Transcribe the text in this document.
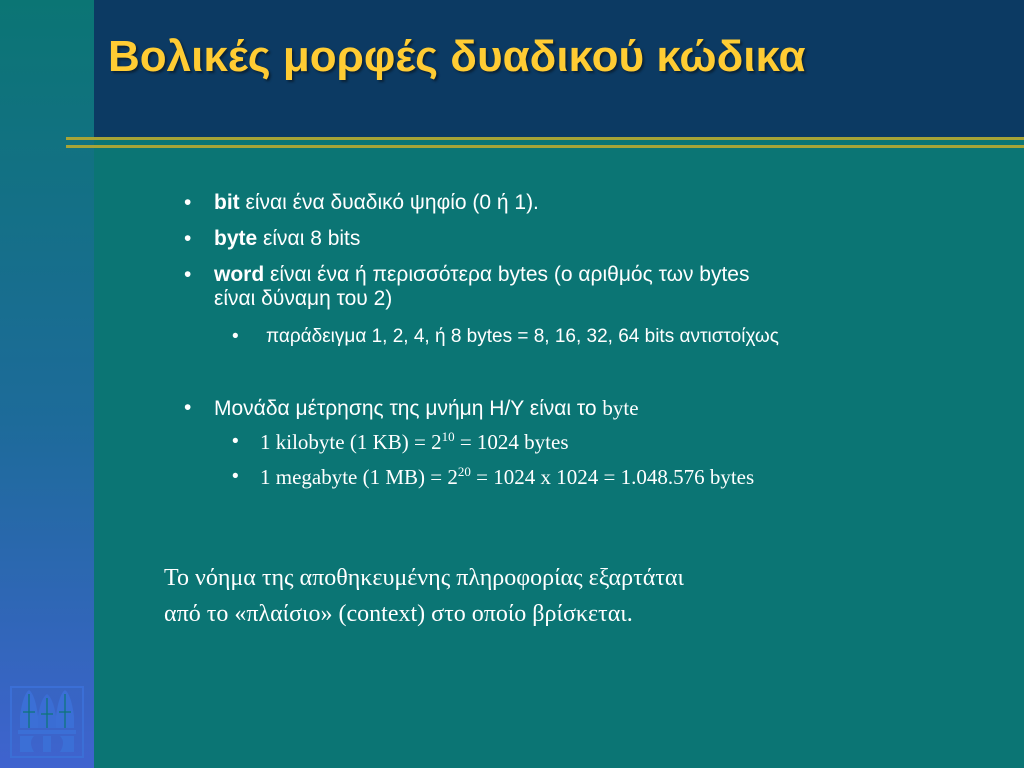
Βολικές μορφές δυαδικού κώδικα
• bit είναι ένα δυαδικό ψηφίο (0 ή 1).
• byte είναι 8 bits
• word είναι ένα ή περισσότερα bytes (ο αριθμός των bytes
είναι δύναμη του 2)
• παράδειγμα 1, 2, 4, ή 8 bytes = 8, 16, 32, 64 bits αντιστοίχως
• Μονάδα μέτρησης της μνήμη Η/Υ είναι το byte
• 1 kilobyte (1 $KB) = 2^{10} = 1024$ bytes
• 1 megabyte (1 $MB) = 2^{20} = 1024$ x 1024 = 1.048.576 bytes
Το νόημα της αποθηκευμένης πληροφορίας εξαρτάται
από το «πλαίσιο» (context) στο οποίο βρίσκεται.
